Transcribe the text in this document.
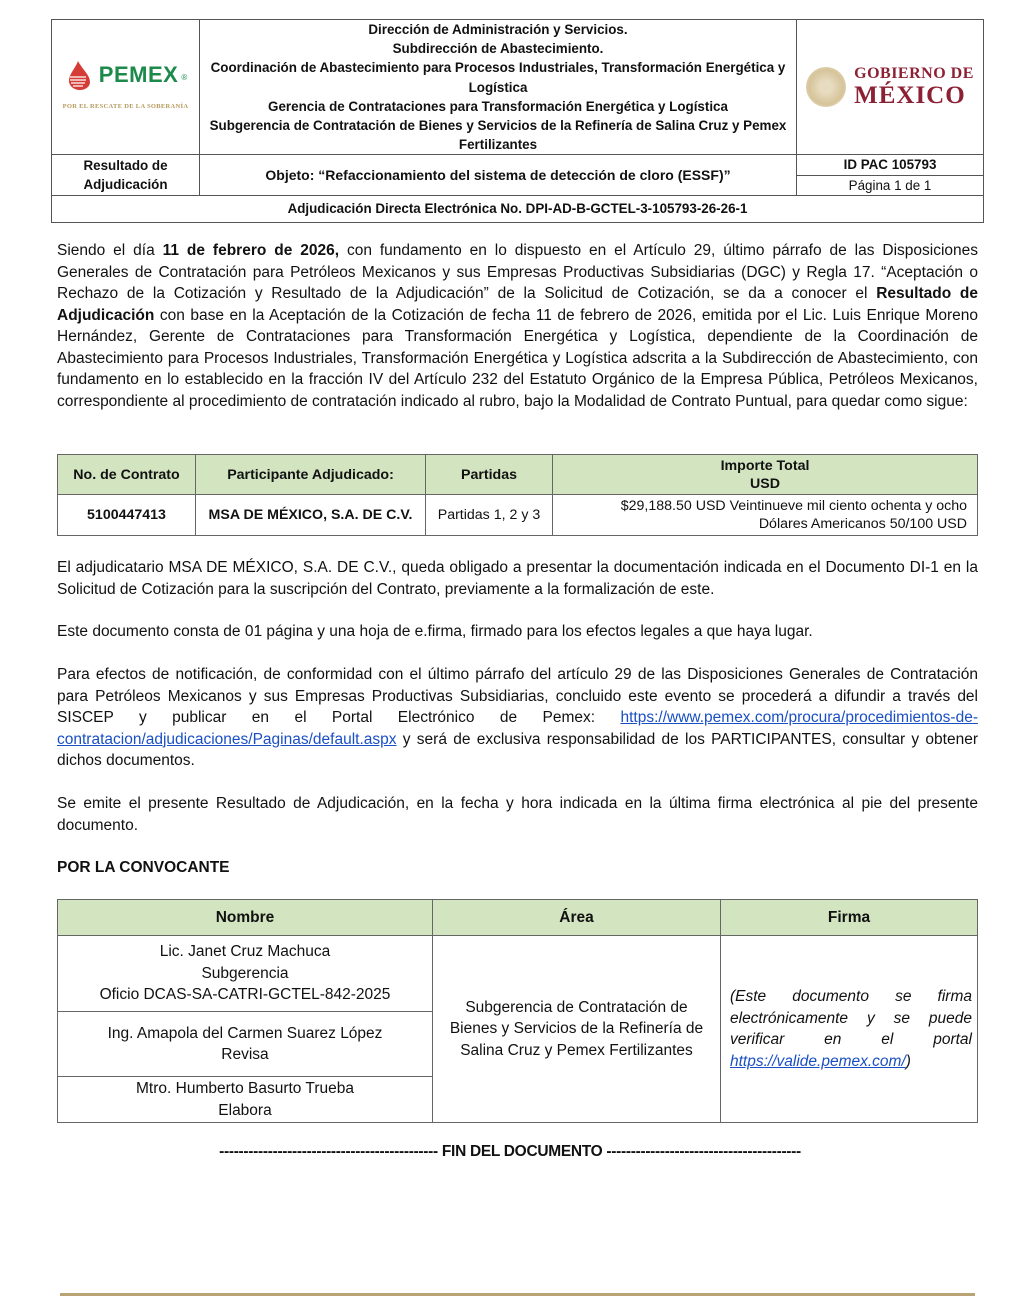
PEMEX ®
POR EL RESCATE DE LA SOBERANÍA

Dirección de Administración y Servicios.
Subdirección de Abastecimiento.
Coordinación de Abastecimiento para Procesos Industriales, Transformación Energética y Logística
Gerencia de Contrataciones para Transformación Energética y Logística
Subgerencia de Contratación de Bienes y Servicios de la Refinería de Salina Cruz y Pemex Fertilizantes

GOBIERNO DE
MÉXICO

Resultado de Adjudicación	Objeto: “Refaccionamiento del sistema de detección de cloro (ESSF)”	ID PAC 105793
		Página 1 de 1
Adjudicación Directa Electrónica No. DPI-AD-B-GCTEL-3-105793-26-26-1		
Siendo el día 11 de febrero de 2026, con fundamento en lo dispuesto en el Artículo 29, último párrafo de las Disposiciones Generales de Contratación para Petróleos Mexicanos y sus Empresas Productivas Subsidiarias (DGC) y Regla 17. “Aceptación o Rechazo de la Cotización y Resultado de la Adjudicación” de la Solicitud de Cotización, se da a conocer el Resultado de Adjudicación con base en la Aceptación de la Cotización de fecha 11 de febrero de 2026, emitida por el Lic. Luis Enrique Moreno Hernández, Gerente de Contrataciones para Transformación Energética y Logística, dependiente de la Coordinación de Abastecimiento para Procesos Industriales, Transformación Energética y Logística adscrita a la Subdirección de Abastecimiento, con fundamento en lo establecido en la fracción IV del Artículo 232 del Estatuto Orgánico de la Empresa Pública, Petróleos Mexicanos, correspondiente al procedimiento de contratación indicado al rubro, bajo la Modalidad de Contrato Puntual, para quedar como sigue:
No. de Contrato	Participante Adjudicado:	Partidas	Importe Total
USD

5100447413	MSA DE MÉXICO, S.A. DE C.V.	Partidas 1, 2 y 3	$29,188.50 USD Veintinueve mil ciento ochenta y ocho Dólares Americanos 50/100 USD
El adjudicatario MSA DE MÉXICO, S.A. DE C.V., queda obligado a presentar la documentación indicada en el Documento DI-1 en la Solicitud de Cotización para la suscripción del Contrato, previamente a la formalización de este.
Este documento consta de 01 página y una hoja de e.firma, firmado para los efectos legales a que haya lugar.
Para efectos de notificación, de conformidad con el último párrafo del artículo 29 de las Disposiciones Generales de Contratación para Petróleos Mexicanos y sus Empresas Productivas Subsidiarias, concluido este evento se procederá a difundir a través del SISCEP y publicar en el Portal Electrónico de Pemex: https://www.pemex.com/procura/procedimientos-de-contratacion/adjudicaciones/Paginas/default.aspx y será de exclusiva responsabilidad de los PARTICIPANTES, consultar y obtener dichos documentos.
Se emite el presente Resultado de Adjudicación, en la fecha y hora indicada en la última firma electrónica al pie del presente documento.
POR LA CONVOCANTE
Nombre	Área	Firma

Lic. Janet Cruz Machuca
Subgerencia
Oficio DCAS-SA-CATRI-GCTEL-842-2025	Subgerencia de Contratación de Bienes y Servicios de la Refinería de Salina Cruz y Pemex Fertilizantes	(Este documento se firma electrónicamente y se puede verificar en el portal https://valide.pemex.com/)

Ing. Amapola del Carmen Suarez López
Revisa		

Mtro. Humberto Basurto Trueba
Elabora		
--------------------------------------------- FIN DEL DOCUMENTO ----------------------------------------
